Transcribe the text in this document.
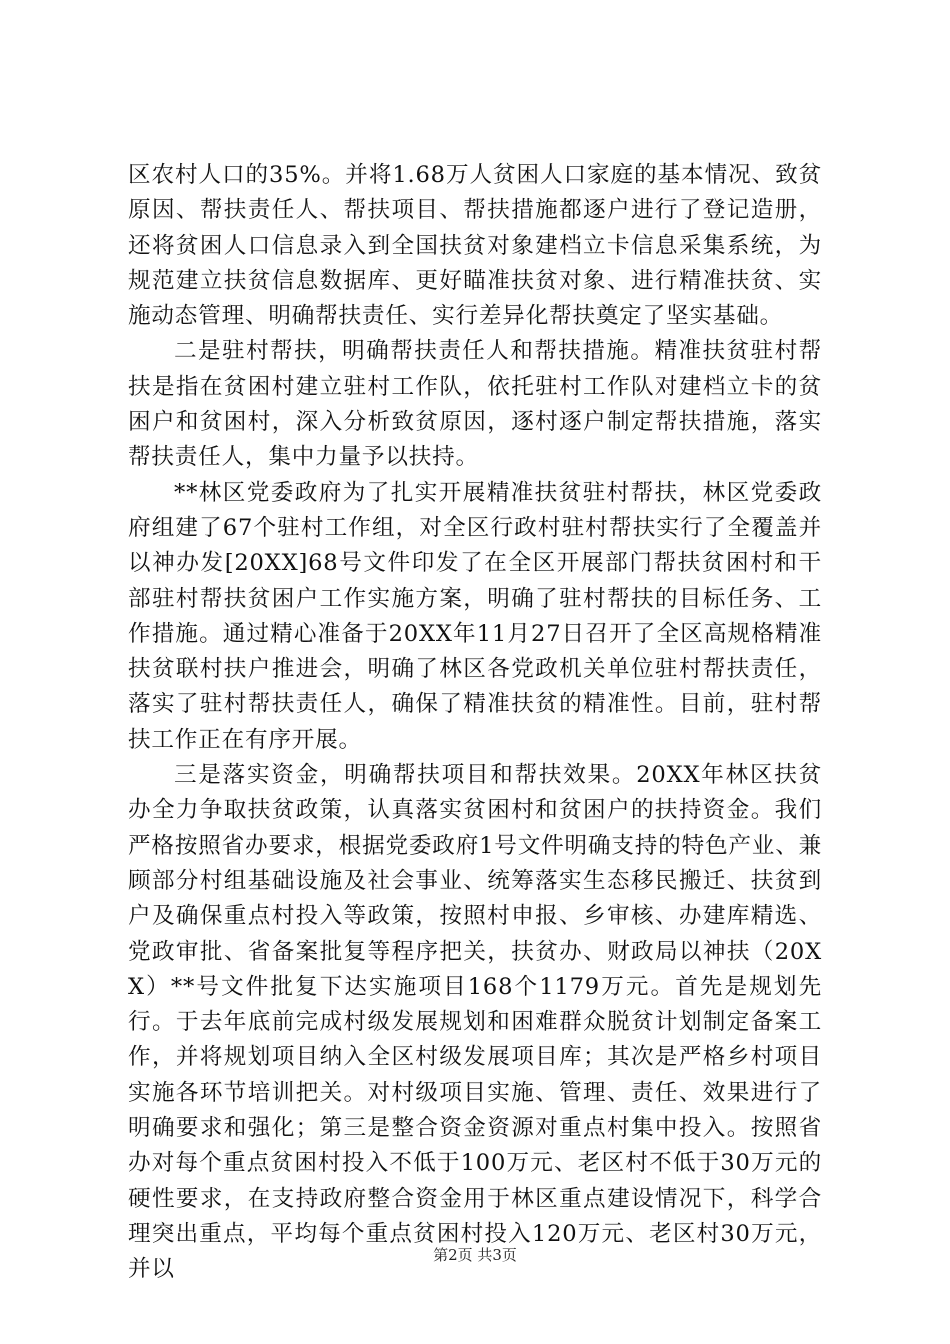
区农村人口的35%。并将1.68万人贫困人口家庭的基本情况、致贫原因、帮扶责任人、帮扶项目、帮扶措施都逐户进行了登记造册，还将贫困人口信息录入到全国扶贫对象建档立卡信息采集系统，为规范建立扶贫信息数据库、更好瞄准扶贫对象、进行精准扶贫、实施动态管理、明确帮扶责任、实行差异化帮扶奠定了坚实基础。

二是驻村帮扶，明确帮扶责任人和帮扶措施。精准扶贫驻村帮扶是指在贫困村建立驻村工作队，依托驻村工作队对建档立卡的贫困户和贫困村，深入分析致贫原因，逐村逐户制定帮扶措施，落实帮扶责任人，集中力量予以扶持。

**林区党委政府为了扎实开展精准扶贫驻村帮扶，林区党委政府组建了67个驻村工作组，对全区行政村驻村帮扶实行了全覆盖并以神办发[20XX]68号文件印发了在全区开展部门帮扶贫困村和干部驻村帮扶贫困户工作实施方案，明确了驻村帮扶的目标任务、工作措施。通过精心准备于20XX年11月27日召开了全区高规格精准扶贫联村扶户推进会，明确了林区各党政机关单位驻村帮扶责任，落实了驻村帮扶责任人，确保了精准扶贫的精准性。目前，驻村帮扶工作正在有序开展。

三是落实资金，明确帮扶项目和帮扶效果。20XX年林区扶贫办全力争取扶贫政策，认真落实贫困村和贫困户的扶持资金。我们严格按照省办要求，根据党委政府1号文件明确支持的特色产业、兼顾部分村组基础设施及社会事业、统筹落实生态移民搬迁、扶贫到户及确保重点村投入等政策，按照村申报、乡审核、办建库精选、党政审批、省备案批复等程序把关，扶贫办、财政局以神扶（20XX）**号文件批复下达实施项目168个1179万元。首先是规划先行。于去年底前完成村级发展规划和困难群众脱贫计划制定备案工作，并将规划项目纳入全区村级发展项目库；其次是严格乡村项目实施各环节培训把关。对村级项目实施、管理、责任、效果进行了明确要求和强化；第三是整合资金资源对重点村集中投入。按照省办对每个重点贫困村投入不低于100万元、老区村不低于30万元的硬性要求，在支持政府整合资金用于林区重点建设情况下，科学合理突出重点，平均每个重点贫困村投入120万元、老区村30万元，并以

第2页 共3页
